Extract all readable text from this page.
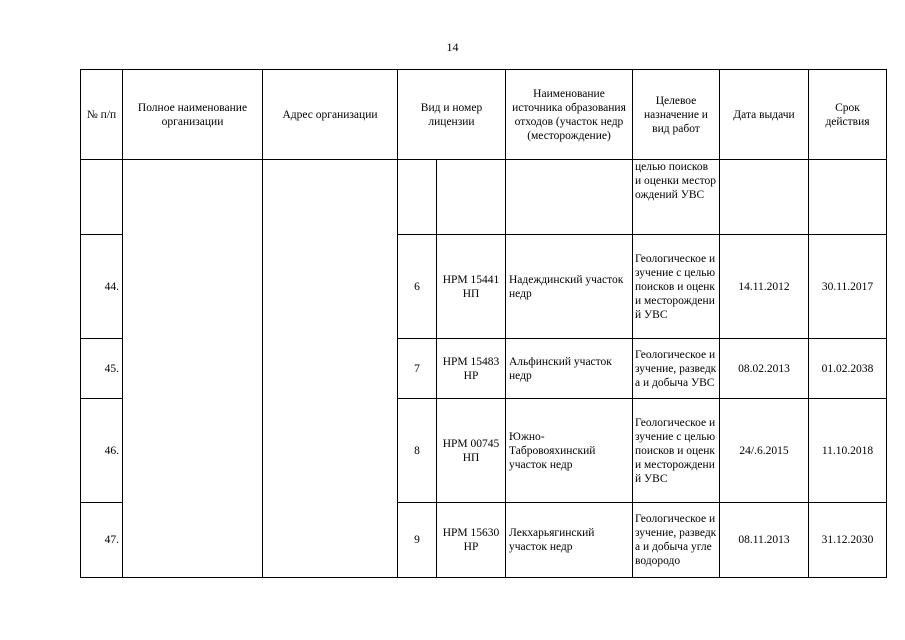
14
№ п/п	Полное наименование организации	Адрес организации	Вид и номер лицензии		Наименование источника образования отходов (участок недр (месторождение)	Целевое назначение и вид работ	Дата выдачи	Срок действия
						целью поисков и оценки месторождений УВС		
44.			6	НРМ 15441 НП	Надеждинский участок недр	Геологическое изучение с целью поисков и оценки месторождений УВС	14.11.2012	30.11.2017
45.			7	НРМ 15483 НР	Альфинский участок недр	Геологическое изучение, разведка и добыча УВС	08.02.2013	01.02.2038
46.			8	НРМ 00745 НП	Южно-Табровояхинский участок недр	Геологическое изучение с целью поисков и оценки месторождений УВС	24/.6.2015	11.10.2018
47.			9	НРМ 15630 НР	Лекхарьягинский участок недр	Геологическое изучение, разведка и добыча углеводородо	08.11.2013	31.12.2030
